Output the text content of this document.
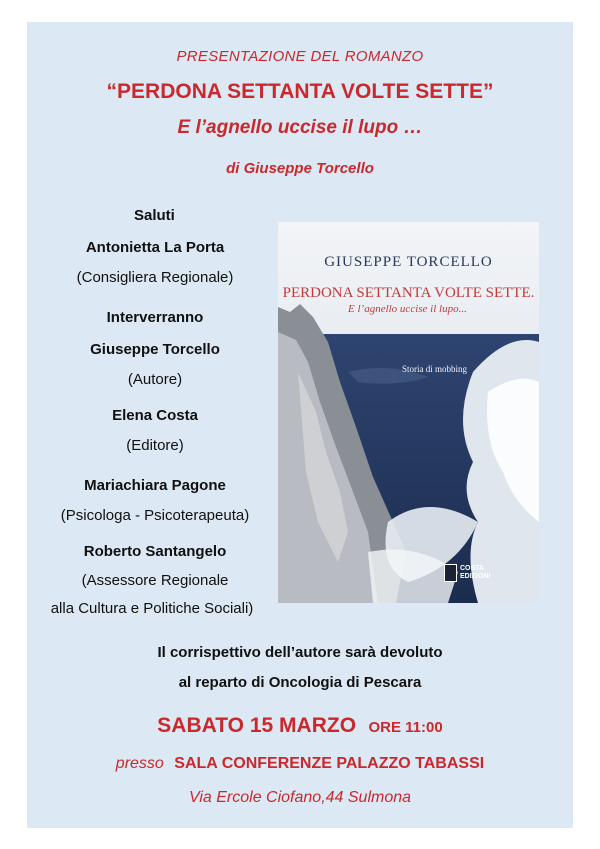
PRESENTAZIONE DEL ROMANZO
“PERDONA SETTANTA VOLTE SETTE”
E l’agnello uccise il lupo …
di Giuseppe Torcello
Saluti
Antonietta La Porta
(Consigliera Regionale)
Interverranno
Giuseppe Torcello
(Autore)
Elena Costa
(Editore)
Mariachiara Pagone
(Psicologa - Psicoterapeuta)
Roberto Santangelo
(Assessore Regionale
alla Cultura e Politiche Sociali)
GIUSEPPE TORCELLO
PERDONA SETTANTA VOLTE SETTE.
E l’agnello uccise il lupo...
Storia di mobbing
COSTA
EDIZIONI
Il corrispettivo dell’autore sarà devoluto
al reparto di Oncologia di Pescara
SABATO 15 MARZO ORE 11:00
presso SALA CONFERENZE PALAZZO TABASSI
Via Ercole Ciofano,44 Sulmona
